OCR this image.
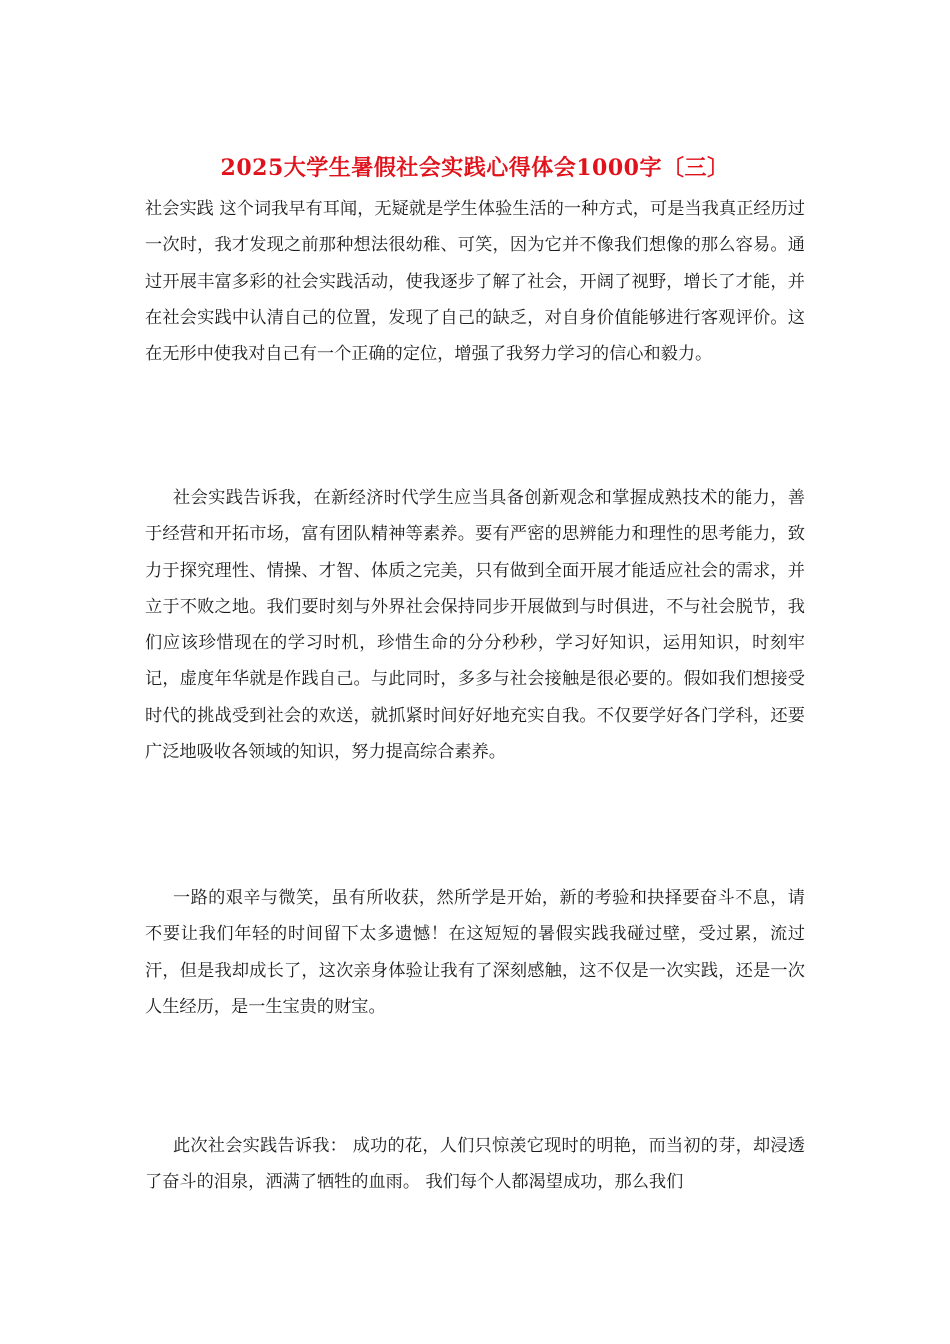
2025大学生暑假社会实践心得体会1000字〔三〕

社会实践 这个词我早有耳闻，无疑就是学生体验生活的一种方式，可是当我真正经历过一次时，我才发现之前那种想法很幼稚、可笑，因为它并不像我们想像的那么容易。通过开展丰富多彩的社会实践活动，使我逐步了解了社会，开阔了视野，增长了才能，并在社会实践中认清自己的位置，发现了自己的缺乏，对自身价值能够进行客观评价。这在无形中使我对自己有一个正确的定位，增强了我努力学习的信心和毅力。

社会实践告诉我，在新经济时代学生应当具备创新观念和掌握成熟技术的能力，善于经营和开拓市场，富有团队精神等素养。要有严密的思辨能力和理性的思考能力，致力于探究理性、情操、才智、体质之完美，只有做到全面开展才能适应社会的需求，并立于不败之地。我们要时刻与外界社会保持同步开展做到与时俱进，不与社会脱节，我们应该珍惜现在的学习时机，珍惜生命的分分秒秒，学习好知识，运用知识，时刻牢记，虚度年华就是作践自己。与此同时，多多与社会接触是很必要的。假如我们想接受时代的挑战受到社会的欢送，就抓紧时间好好地充实自我。不仅要学好各门学科，还要广泛地吸收各领域的知识，努力提高综合素养。

一路的艰辛与微笑，虽有所收获，然所学是开始，新的考验和抉择要奋斗不息，请不要让我们年轻的时间留下太多遗憾！在这短短的暑假实践我碰过壁，受过累，流过汗，但是我却成长了，这次亲身体验让我有了深刻感触，这不仅是一次实践，还是一次人生经历，是一生宝贵的财宝。

此次社会实践告诉我： 成功的花，人们只惊羡它现时的明艳，而当初的芽，却浸透了奋斗的泪泉，洒满了牺牲的血雨。 我们每个人都渴望成功，那么我们
